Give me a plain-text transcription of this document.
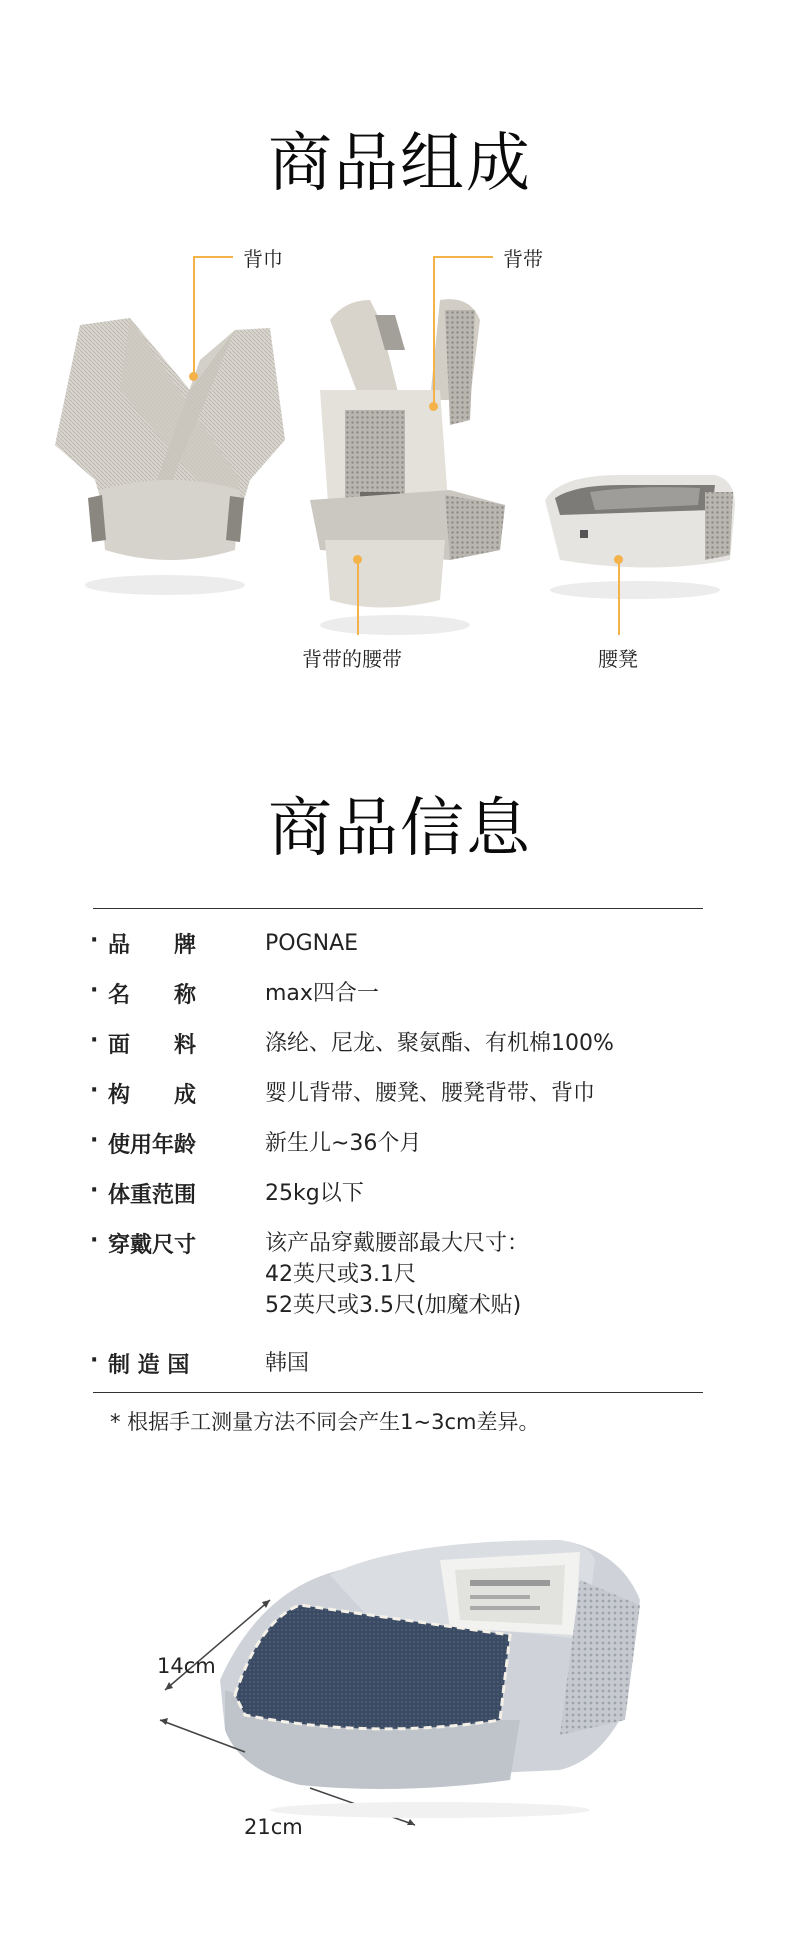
商品组成
背巾	背带
背带的腰带	腰凳
商品信息
· 品　　牌	POGNAE
· 名　　称	max四合一
· 面　　料	涤纶、尼龙、聚氨酯、有机棉100%
· 构　　成	婴儿背带、腰凳、腰凳背带、背巾
· 使用年龄	新生儿~36个月
· 体重范围	25kg以下
· 穿戴尺寸	该产品穿戴腰部最大尺寸：
42英尺或3.1尺
52英尺或3.5尺(加魔术贴)
· 制 造 国	韩国
* 根据手工测量方法不同会产生1~3cm差异。
14cm
21cm
